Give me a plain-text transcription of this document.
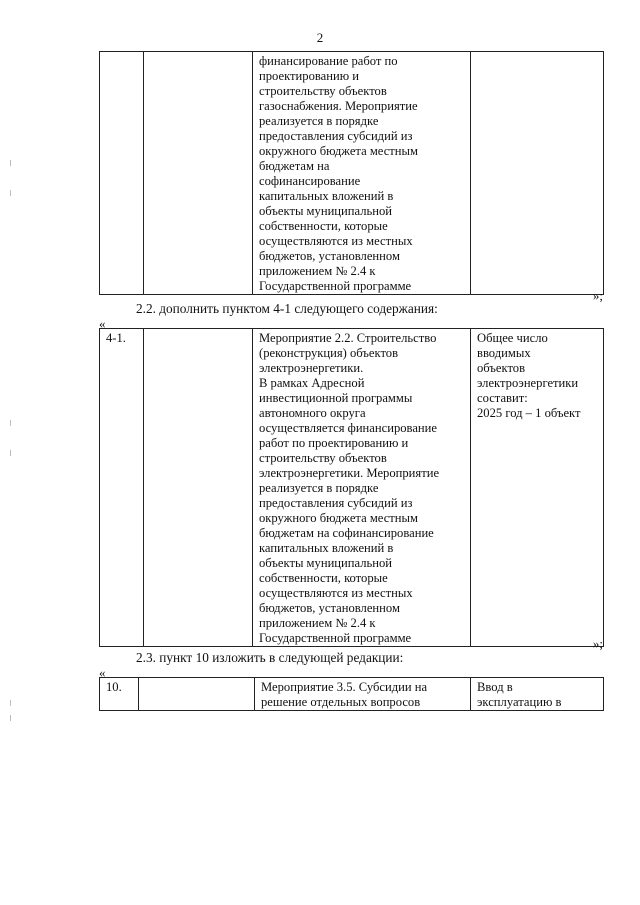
2
		финансирование работ по
проектированию и
строительству объектов
газоснабжения. Мероприятие
реализуется в порядке
предоставления субсидий из
окружного бюджета местным
бюджетам на
софинансирование
капитальных вложений в
объекты муниципальной
собственности, которые
осуществляются из местных
бюджетов, установленном
приложением № 2.4 к
Государственной программе	
»;
2.2. дополнить пунктом 4-1 следующего содержания:
«
4-1.		Мероприятие 2.2. Строительство
(реконструкция) объектов
электроэнергетики.
В рамках Адресной
инвестиционной программы
автономного округа
осуществляется финансирование
работ по проектированию и
строительству объектов
электроэнергетики. Мероприятие
реализуется в порядке
предоставления субсидий из
окружного бюджета местным
бюджетам на софинансирование
капитальных вложений в
объекты муниципальной
собственности, которые
осуществляются из местных
бюджетов, установленном
приложением № 2.4 к
Государственной программе	Общее число
вводимых
объектов
электроэнергетики
составит:
2025 год – 1 объект
»;
2.3. пункт 10 изложить в следующей редакции:
«
10.		Мероприятие 3.5. Субсидии на
решение отдельных вопросов	Ввод в
эксплуатацию в
